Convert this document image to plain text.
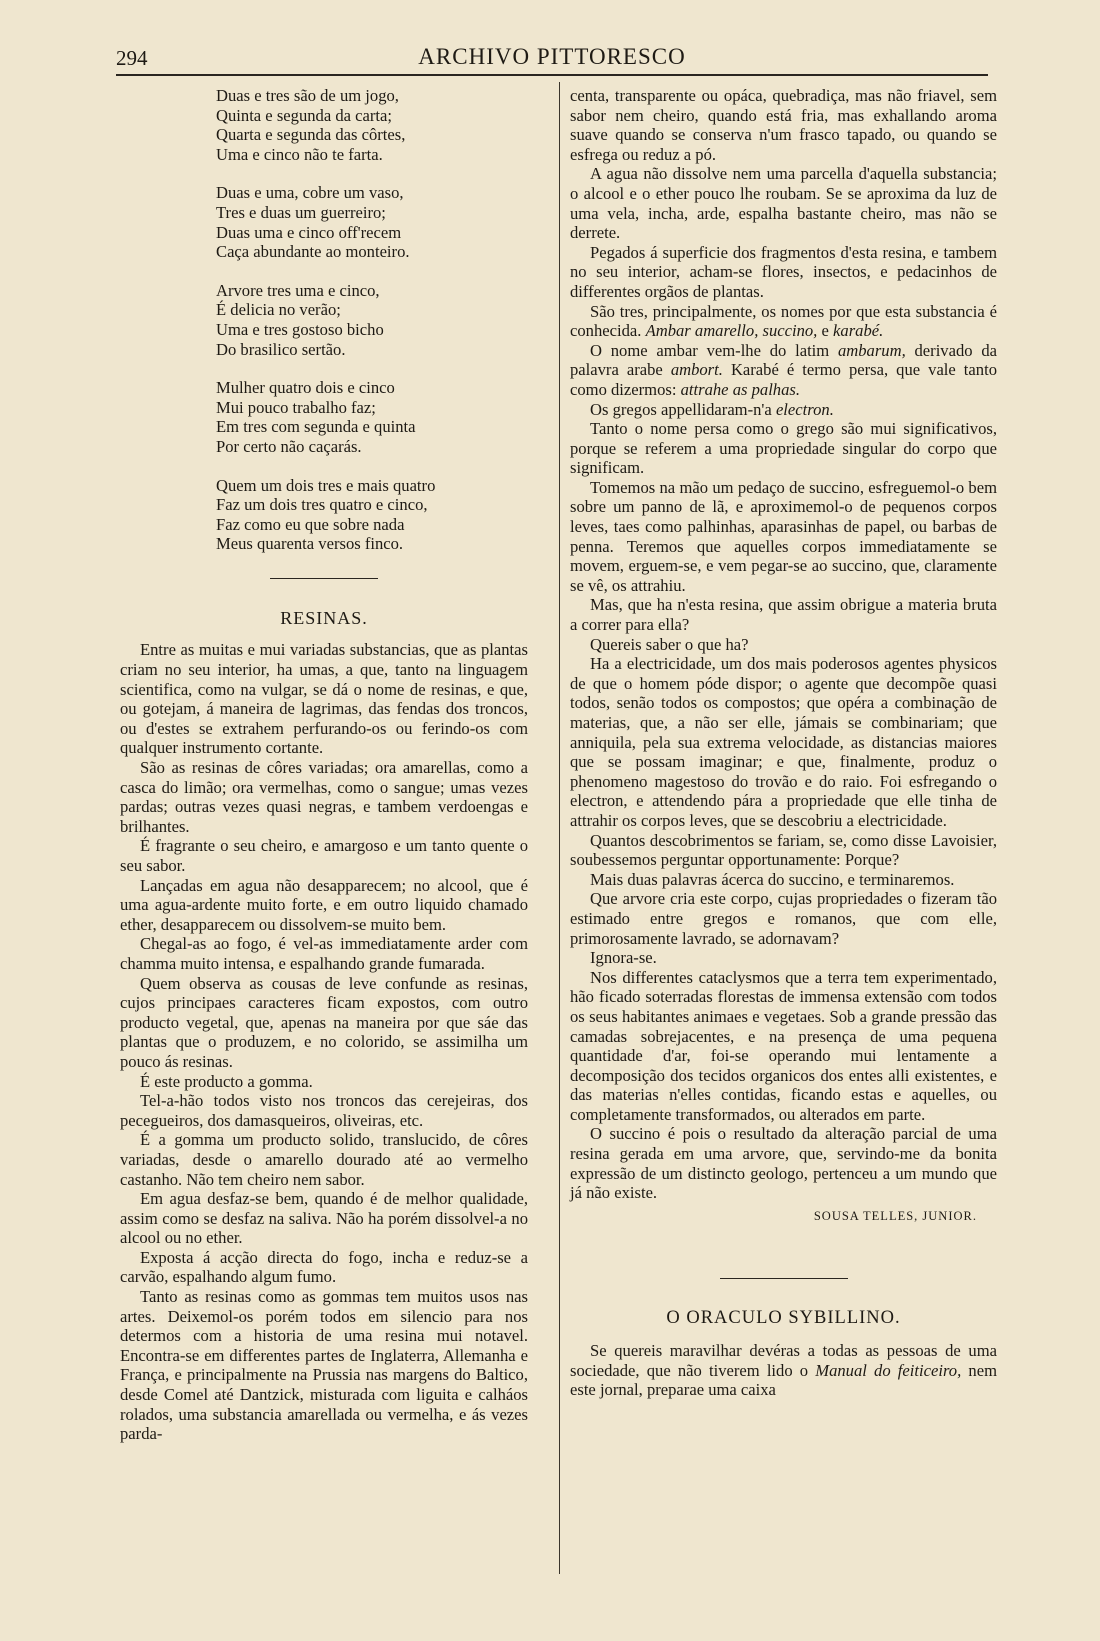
294	ARCHIVO PITTORESCO
Duas e tres são de um jogo,
Quinta e segunda da carta;
Quarta e segunda das côrtes,
Uma e cinco não te farta.
Duas e uma, cobre um vaso,
Tres e duas um guerreiro;
Duas uma e cinco off'recem
Caça abundante ao monteiro.
Arvore tres uma e cinco,
É delicia no verão;
Uma e tres gostoso bicho
Do brasilico sertão.
Mulher quatro dois e cinco
Mui pouco trabalho faz;
Em tres com segunda e quinta
Por certo não caçarás.
Quem um dois tres e mais quatro
Faz um dois tres quatro e cinco,
Faz como eu que sobre nada
Meus quarenta versos finco.
RESINAS.

Entre as muitas e mui variadas substancias, que as plantas criam no seu interior, ha umas, a que, tanto na linguagem scientifica, como na vulgar, se dá o nome de resinas, e que, ou gotejam, á maneira de lagrimas, das fendas dos troncos, ou d'estes se extrahem perfurando-os ou ferindo-os com qualquer instrumento cortante.

São as resinas de côres variadas; ora amarellas, como a casca do limão; ora vermelhas, como o sangue; umas vezes pardas; outras vezes quasi negras, e tambem verdoengas e brilhantes.

É fragrante o seu cheiro, e amargoso e um tanto quente o seu sabor.

Lançadas em agua não desapparecem; no alcool, que é uma agua-ardente muito forte, e em outro liquido chamado ether, desapparecem ou dissolvem-se muito bem.

Chegal-as ao fogo, é vel-as immediatamente arder com chamma muito intensa, e espalhando grande fumarada.

Quem observa as cousas de leve confunde as resinas, cujos principaes caracteres ficam expostos, com outro producto vegetal, que, apenas na maneira por que sáe das plantas que o produzem, e no colorido, se assimilha um pouco ás resinas.

É este producto a gomma.

Tel-a-hão todos visto nos troncos das cerejeiras, dos pecegueiros, dos damasqueiros, oliveiras, etc.

É a gomma um producto solido, translucido, de côres variadas, desde o amarello dourado até ao vermelho castanho. Não tem cheiro nem sabor.

Em agua desfaz-se bem, quando é de melhor qualidade, assim como se desfaz na saliva. Não ha porém dissolvel-a no alcool ou no ether.

Exposta á acção directa do fogo, incha e reduz-se a carvão, espalhando algum fumo.

Tanto as resinas como as gommas tem muitos usos nas artes. Deixemol-os porém todos em silencio para nos determos com a historia de uma resina mui notavel. Encontra-se em differentes partes de Inglaterra, Allemanha e França, e principalmente na Prussia nas margens do Baltico, desde Comel até Dantzick, misturada com liguita e calháos rolados, uma substancia amarellada ou vermelha, e ás vezes parda-

centa, transparente ou opáca, quebradiça, mas não friavel, sem sabor nem cheiro, quando está fria, mas exhallando aroma suave quando se conserva n'um frasco tapado, ou quando se esfrega ou reduz a pó.

A agua não dissolve nem uma parcella d'aquella substancia; o alcool e o ether pouco lhe roubam. Se se aproxima da luz de uma vela, incha, arde, espalha bastante cheiro, mas não se derrete.

Pegados á superficie dos fragmentos d'esta resina, e tambem no seu interior, acham-se flores, insectos, e pedacinhos de differentes orgãos de plantas.

São tres, principalmente, os nomes por que esta substancia é conhecida. Ambar amarello, succino, e karabé.

O nome ambar vem-lhe do latim ambarum, derivado da palavra arabe ambort. Karabé é termo persa, que vale tanto como dizermos: attrahe as palhas.

Os gregos appellidaram-n'a electron.

Tanto o nome persa como o grego são mui significativos, porque se referem a uma propriedade singular do corpo que significam.

Tomemos na mão um pedaço de succino, esfreguemol-o bem sobre um panno de lã, e aproximemol-o de pequenos corpos leves, taes como palhinhas, aparasinhas de papel, ou barbas de penna. Teremos que aquelles corpos immediatamente se movem, erguem-se, e vem pegar-se ao succino, que, claramente se vê, os attrahiu.

Mas, que ha n'esta resina, que assim obrigue a materia bruta a correr para ella?

Quereis saber o que ha?

Ha a electricidade, um dos mais poderosos agentes physicos de que o homem póde dispor; o agente que decompõe quasi todos, senão todos os compostos; que opéra a combinação de materias, que, a não ser elle, jámais se combinariam; que anniquila, pela sua extrema velocidade, as distancias maiores que se possam imaginar; e que, finalmente, produz o phenomeno magestoso do trovão e do raio. Foi esfregando o electron, e attendendo pára a propriedade que elle tinha de attrahir os corpos leves, que se descobriu a electricidade.

Quantos descobrimentos se fariam, se, como disse Lavoisier, soubessemos perguntar opportunamente: Porque?

Mais duas palavras ácerca do succino, e terminaremos.

Que arvore cria este corpo, cujas propriedades o fizeram tão estimado entre gregos e romanos, que com elle, primorosamente lavrado, se adornavam?

Ignora-se.

Nos differentes cataclysmos que a terra tem experimentado, hão ficado soterradas florestas de immensa extensão com todos os seus habitantes animaes e vegetaes. Sob a grande pressão das camadas sobrejacentes, e na presença de uma pequena quantidade d'ar, foi-se operando mui lentamente a decomposição dos tecidos organicos dos entes alli existentes, e das materias n'elles contidas, ficando estas e aquelles, ou completamente transformados, ou alterados em parte.

O succino é pois o resultado da alteração parcial de uma resina gerada em uma arvore, que, servindo-me da bonita expressão de um distincto geologo, pertenceu a um mundo que já não existe.

SOUSA TELLES, JUNIOR.
O ORACULO SYBILLINO.

Se quereis maravilhar devéras a todas as pessoas de uma sociedade, que não tiverem lido o Manual do feiticeiro, nem este jornal, preparae uma caixa
